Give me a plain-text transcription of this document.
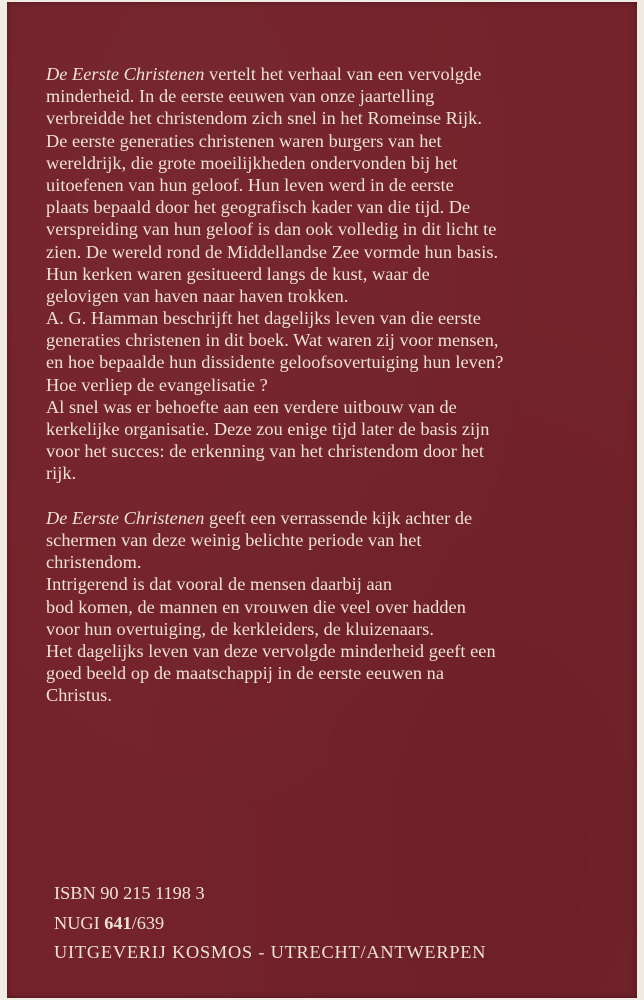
De Eerste Christenen vertelt het verhaal van een vervolgde
minderheid. In de eerste eeuwen van onze jaartelling
verbreidde het christendom zich snel in het Romeinse Rijk.
De eerste generaties christenen waren burgers van het
wereldrijk, die grote moeilijkheden ondervonden bij het
uitoefenen van hun geloof. Hun leven werd in de eerste
plaats bepaald door het geografisch kader van die tijd. De
verspreiding van hun geloof is dan ook volledig in dit licht te
zien. De wereld rond de Middellandse Zee vormde hun basis.
Hun kerken waren gesitueerd langs de kust, waar de
gelovigen van haven naar haven trokken.
A. G. Hamman beschrijft het dagelijks leven van die eerste
generaties christenen in dit boek. Wat waren zij voor mensen,
en hoe bepaalde hun dissidente geloofsovertuiging hun leven?
Hoe verliep de evangelisatie ?
Al snel was er behoefte aan een verdere uitbouw van de
kerkelijke organisatie. Deze zou enige tijd later de basis zijn
voor het succes: de erkenning van het christendom door het
rijk.
De Eerste Christenen geeft een verrassende kijk achter de
schermen van deze weinig belichte periode van het
christendom.
Intrigerend is dat vooral de mensen daarbij aan
bod komen, de mannen en vrouwen die veel over hadden
voor hun overtuiging, de kerkleiders, de kluizenaars.
Het dagelijks leven van deze vervolgde minderheid geeft een
goed beeld op de maatschappij in de eerste eeuwen na
Christus.
ISBN 90 215 1198 3
NUGI 641/639
UITGEVERIJ KOSMOS - UTRECHT/ANTWERPEN
